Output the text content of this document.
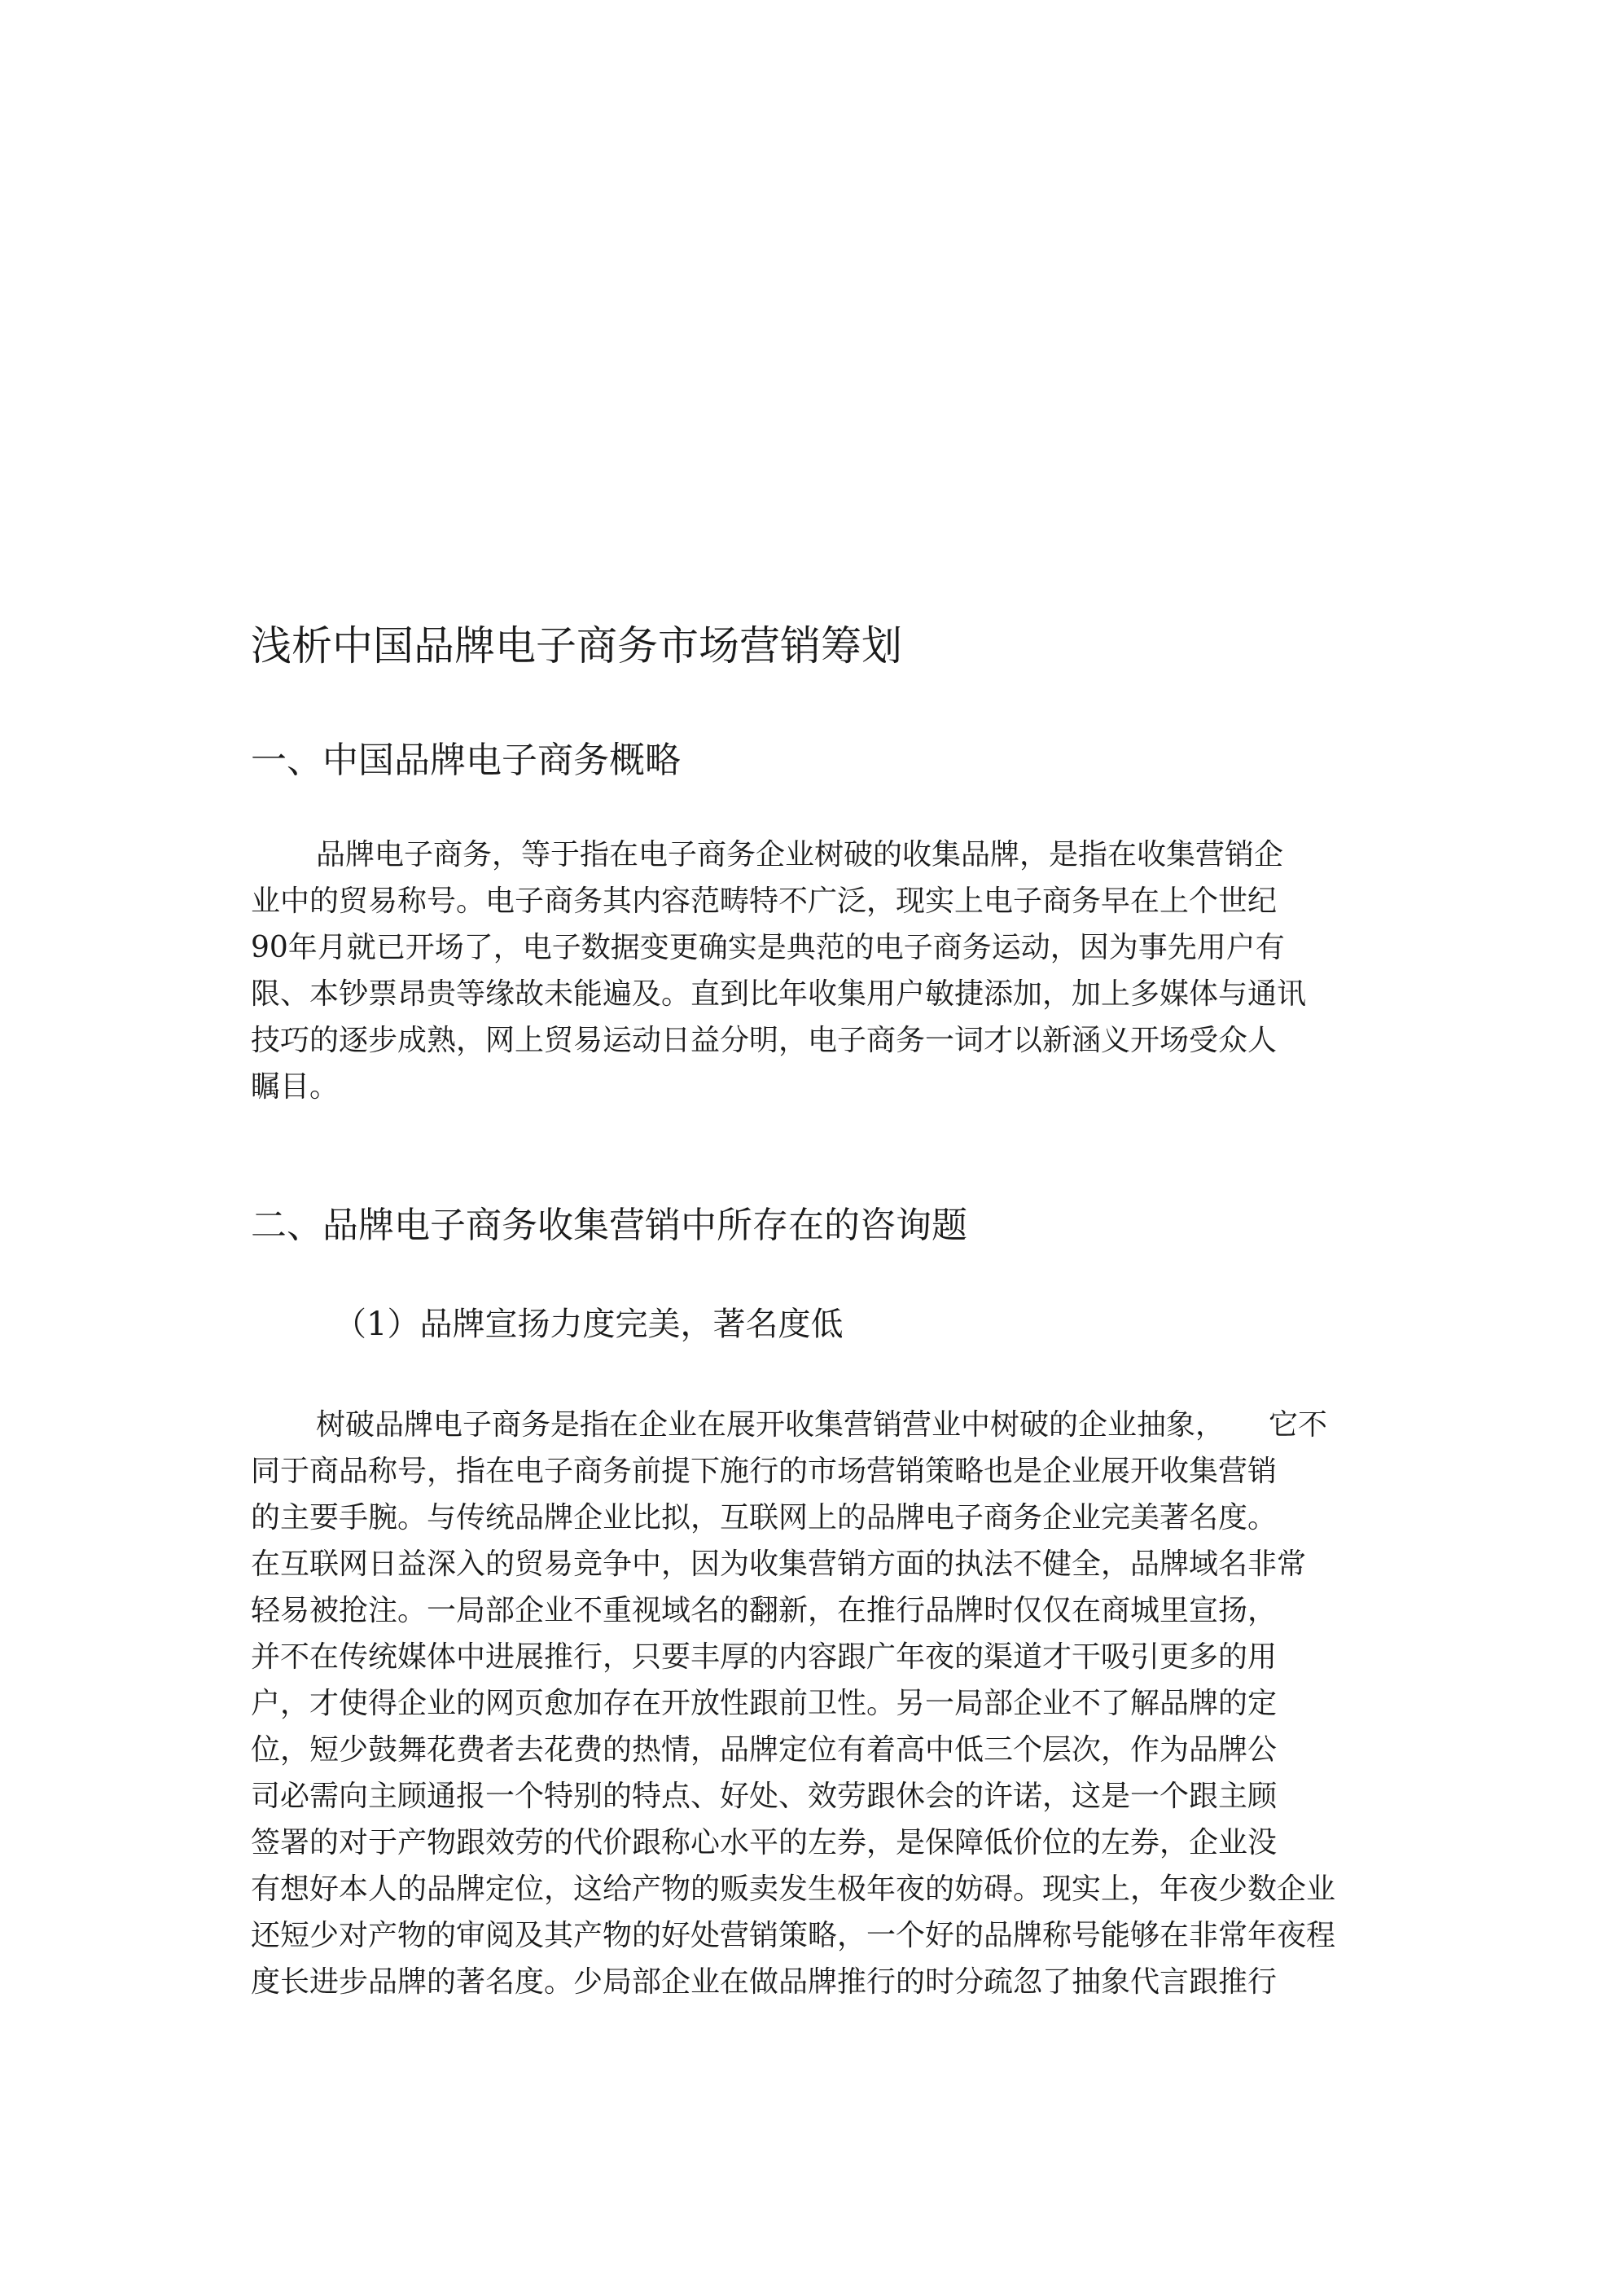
浅析中国品牌电子商务市场营销筹划
一、中国品牌电子商务概略

品牌电子商务，等于指在电子商务企业树破的收集品牌，是指在收集营销企
业中的贸易称号。电子商务其内容范畴特不广泛，现实上电子商务早在上个世纪
90年月就已开场了，电子数据变更确实是典范的电子商务运动，因为事先用户有
限、本钞票昂贵等缘故未能遍及。直到比年收集用户敏捷添加，加上多媒体与通讯
技巧的逐步成熟，网上贸易运动日益分明，电子商务一词才以新涵义开场受众人
瞩目。

二、品牌电子商务收集营销中所存在的咨询题
（1）品牌宣扬力度完美，著名度低

树破品牌电子商务是指在企业在展开收集营销营业中树破的企业抽象，　　它不
同于商品称号，指在电子商务前提下施行的市场营销策略也是企业展开收集营销
的主要手腕。与传统品牌企业比拟，互联网上的品牌电子商务企业完美著名度。
在互联网日益深入的贸易竞争中，因为收集营销方面的执法不健全，品牌域名非常
轻易被抢注。一局部企业不重视域名的翻新，在推行品牌时仅仅在商城里宣扬，
并不在传统媒体中进展推行，只要丰厚的内容跟广年夜的渠道才干吸引更多的用
户，才使得企业的网页愈加存在开放性跟前卫性。另一局部企业不了解品牌的定
位，短少鼓舞花费者去花费的热情，品牌定位有着高中低三个层次，作为品牌公
司必需向主顾通报一个特别的特点、好处、效劳跟休会的许诺，这是一个跟主顾
签署的对于产物跟效劳的代价跟称心水平的左券，是保障低价位的左券，企业没
有想好本人的品牌定位，这给产物的贩卖发生极年夜的妨碍。现实上，年夜少数企业
还短少对产物的审阅及其产物的好处营销策略，一个好的品牌称号能够在非常年夜程
度长进步品牌的著名度。少局部企业在做品牌推行的时分疏忽了抽象代言跟推行
